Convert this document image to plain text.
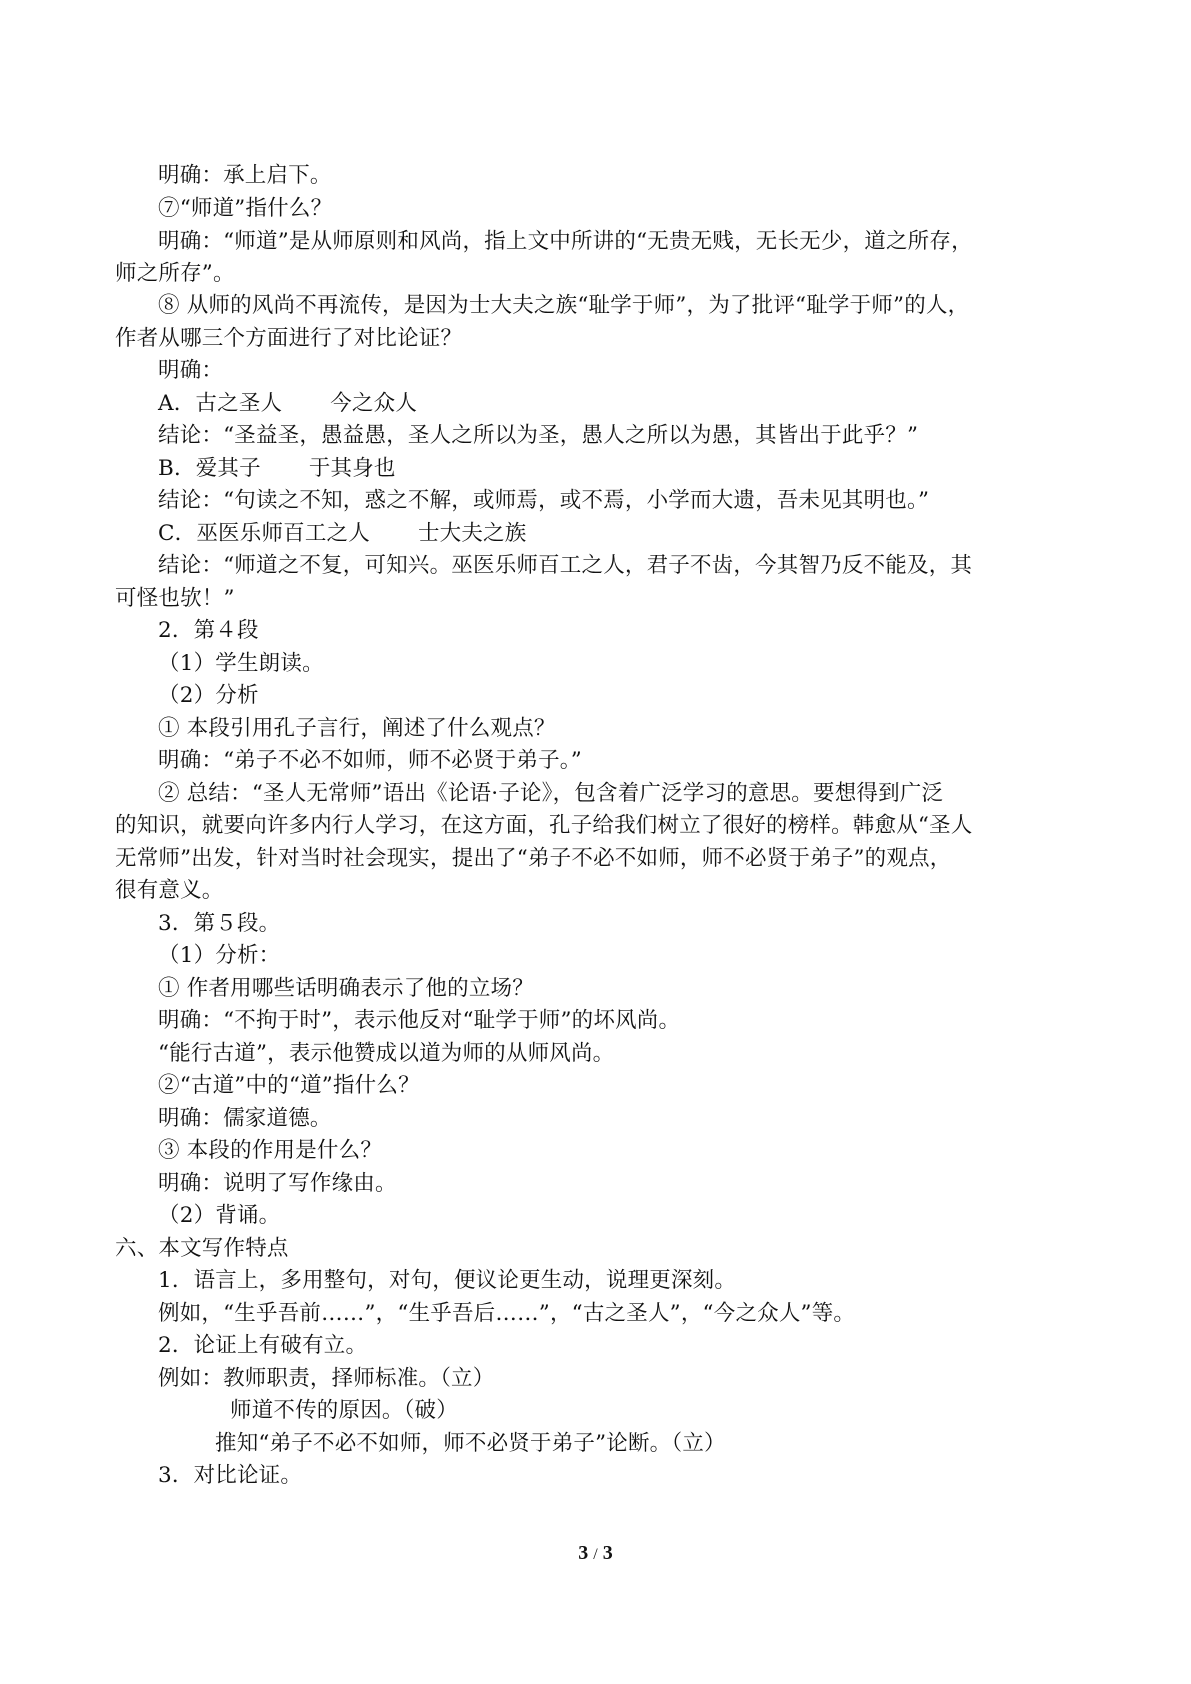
明确：承上启下。
⑦“师道”指什么？
明确：“师道”是从师原则和风尚，指上文中所讲的“无贵无贱，无长无少，道之所存，
师之所存”。
⑧ 从师的风尚不再流传，是因为士大夫之族“耻学于师”，为了批评“耻学于师”的人，
作者从哪三个方面进行了对比论证？
明确：
A．古之圣人 今之众人
结论：“圣益圣，愚益愚，圣人之所以为圣，愚人之所以为愚，其皆出于此乎？”
B．爱其子 于其身也
结论：“句读之不知，惑之不解，或师焉，或不焉，小学而大遗，吾未见其明也。”
C．巫医乐师百工之人 士大夫之族
结论：“师道之不复，可知兴。巫医乐师百工之人，君子不齿，今其智乃反不能及，其
可怪也欤！”
2．第４段
（1）学生朗读。
（2）分析
① 本段引用孔子言行，阐述了什么观点？
明确：“弟子不必不如师，师不必贤于弟子。”
② 总结：“圣人无常师”语出《论语·子论》，包含着广泛学习的意思。要想得到广泛
的知识，就要向许多内行人学习，在这方面，孔子给我们树立了很好的榜样。韩愈从“圣人
无常师”出发，针对当时社会现实，提出了“弟子不必不如师，师不必贤于弟子”的观点，
很有意义。
3．第５段。
（1）分析：
① 作者用哪些话明确表示了他的立场？
明确：“不拘于时”，表示他反对“耻学于师”的坏风尚。
“能行古道”，表示他赞成以道为师的从师风尚。
②“古道”中的“道”指什么？
明确：儒家道德。
③ 本段的作用是什么？
明确：说明了写作缘由。
（2）背诵。
六、本文写作特点
1．语言上，多用整句，对句，便议论更生动，说理更深刻。
例如，“生乎吾前……”，“生乎吾后……”，“古之圣人”，“今之众人”等。
2．论证上有破有立。
例如：教师职责，择师标准。（立）
师道不传的原因。（破）
推知“弟子不必不如师，师不必贤于弟子”论断。（立）
3．对比论证。
3 / 3
